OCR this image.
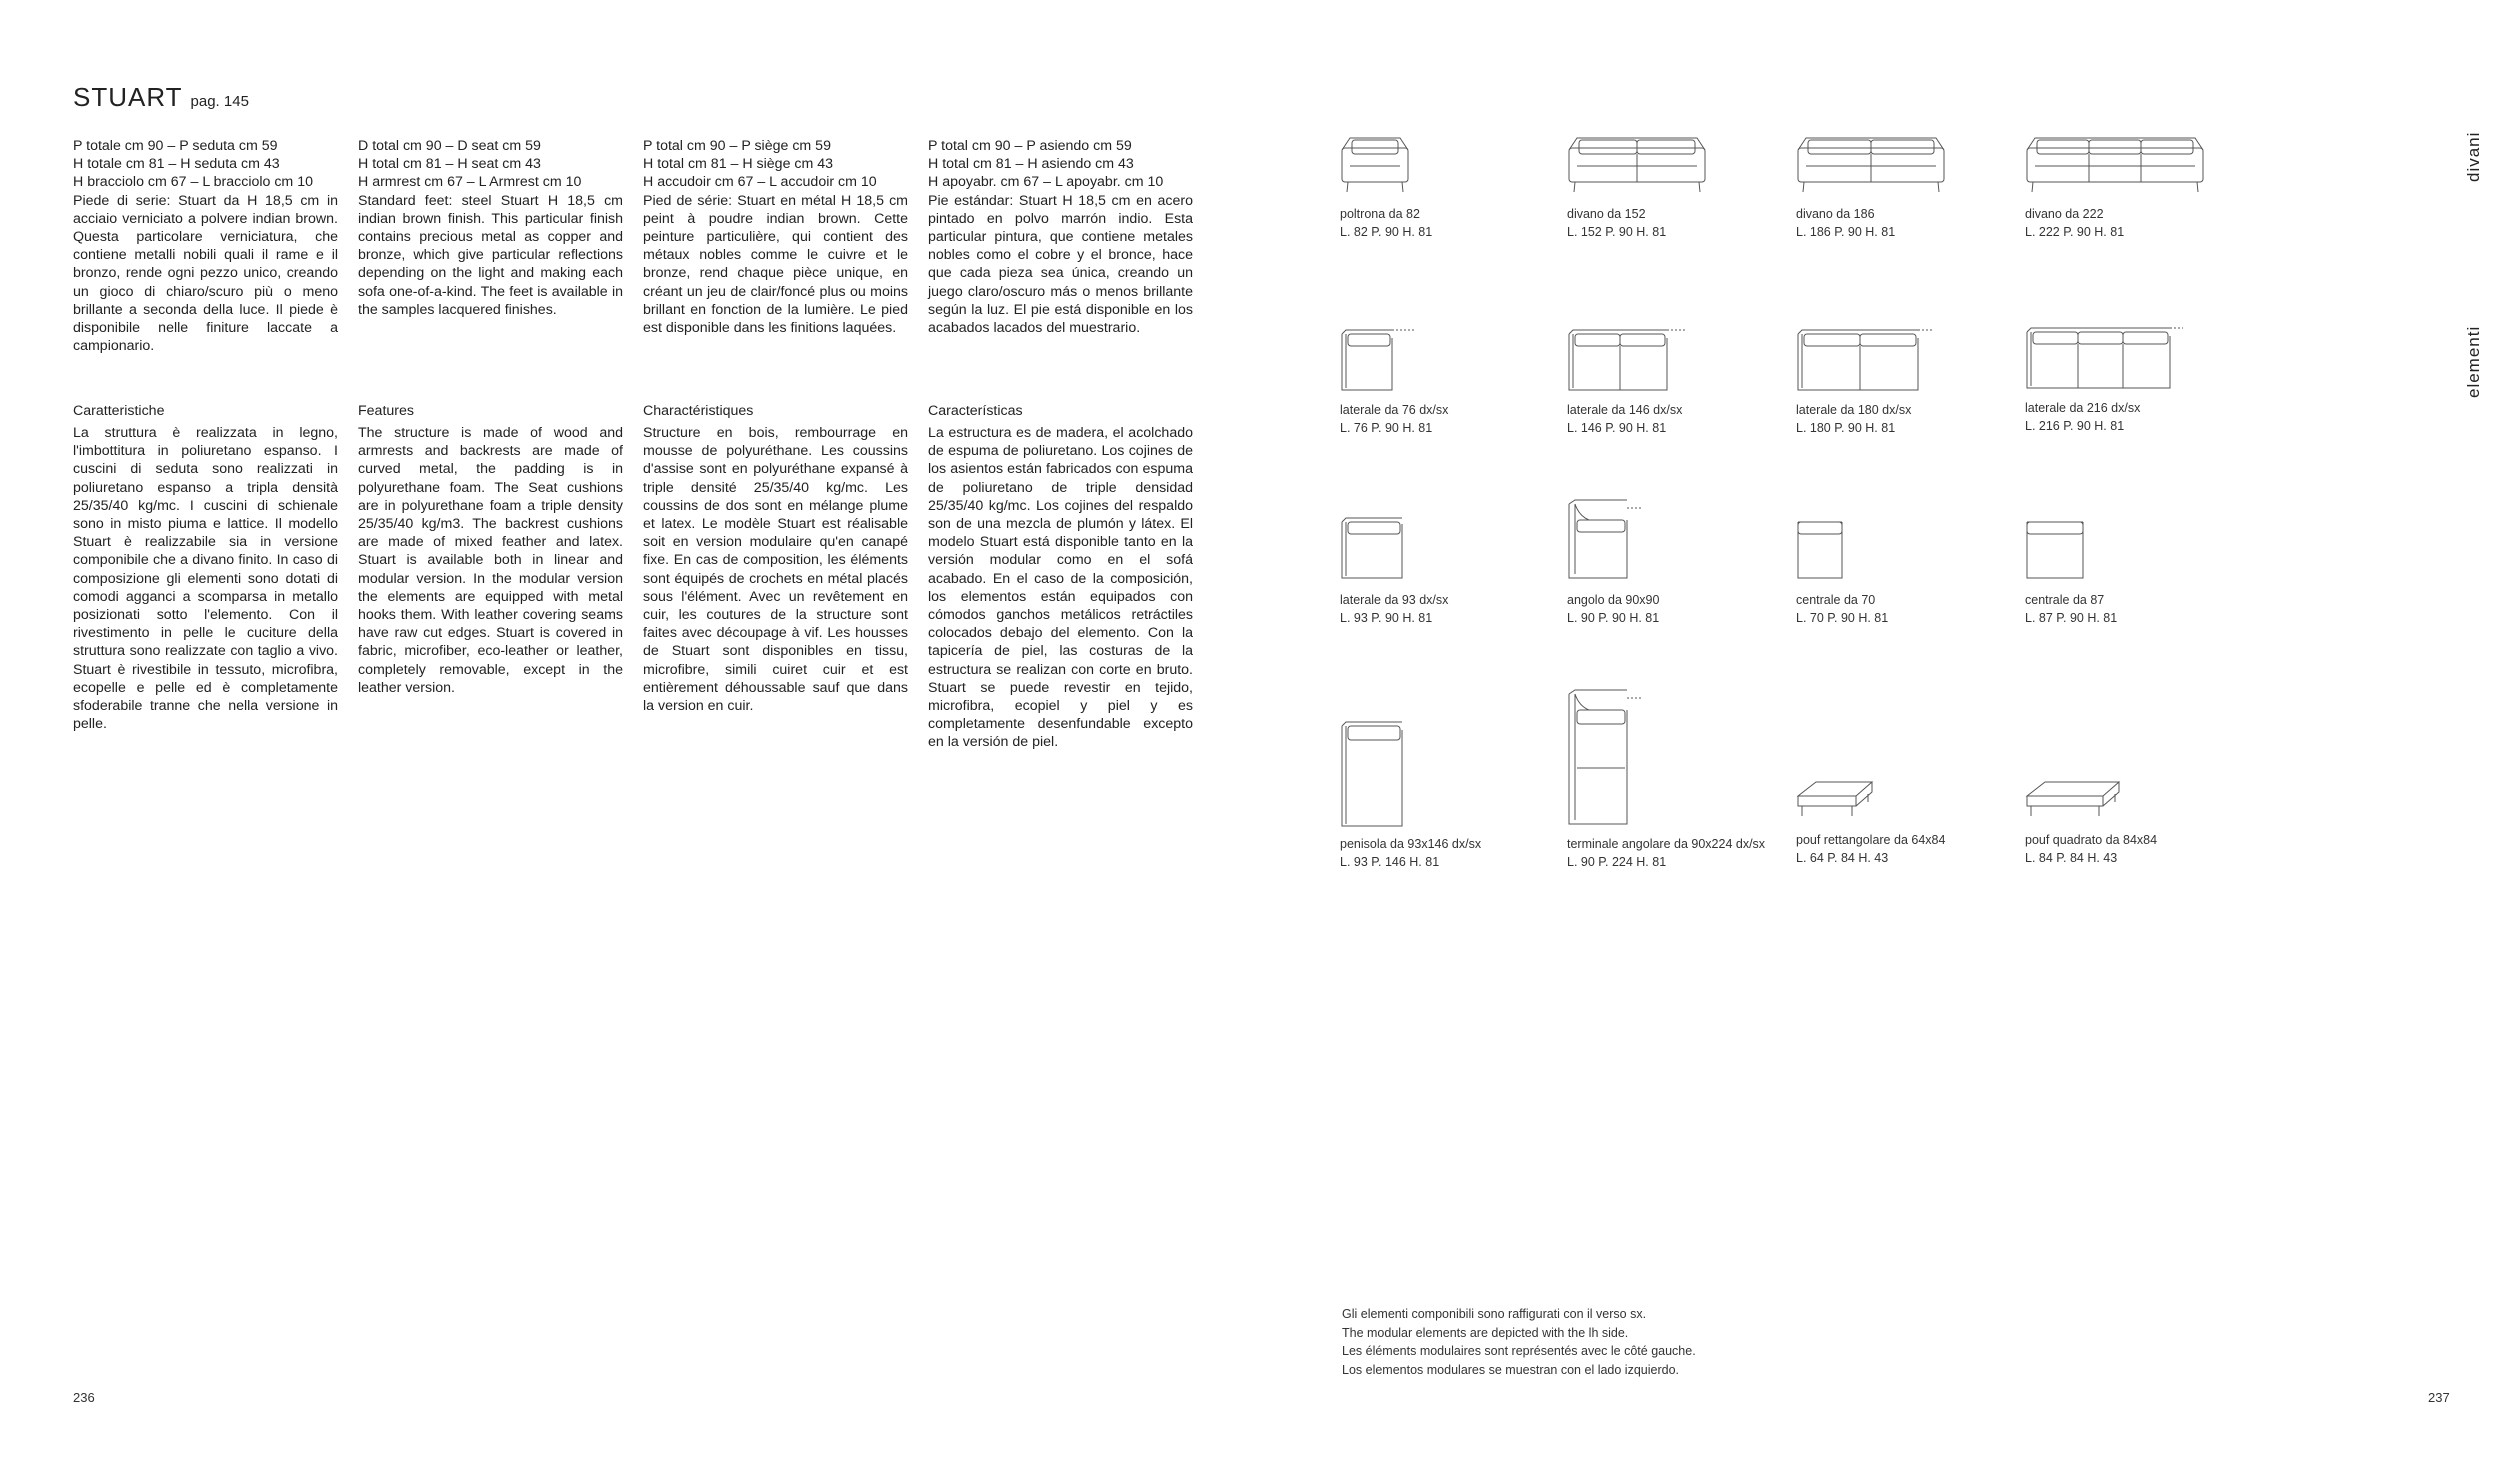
STUART pag. 145
P totale cm 90 – P seduta cm 59
H totale cm 81 – H seduta cm 43
H bracciolo cm 67 – L bracciolo cm 10
Piede di serie: Stuart da H 18,5 cm in acciaio verniciato a polvere indian brown. Questa particolare verniciatura, che contiene metalli nobili quali il rame e il bronzo, rende ogni pezzo unico, creando un gioco di chiaro/scuro più o meno brillante a seconda della luce. Il piede è disponibile nelle finiture laccate a campionario.
Caratteristiche
La struttura è realizzata in legno, l'imbottitura in poliuretano espanso. I cuscini di seduta sono realizzati in poliuretano espanso a tripla densità 25/35/40 kg/mc. I cuscini di schienale sono in misto piuma e lattice. Il modello Stuart è realizzabile sia in versione componibile che a divano finito. In caso di composizione gli elementi sono dotati di comodi agganci a scomparsa in metallo posizionati sotto l'elemento. Con il rivestimento in pelle le cuciture della struttura sono realizzate con taglio a vivo. Stuart è rivestibile in tessuto, microfibra, ecopelle e pelle ed è completamente sfoderabile tranne che nella versione in pelle.
D total cm 90 – D seat cm 59
H total cm 81 – H seat cm 43
H armrest cm 67 – L Armrest cm 10
Standard feet: steel Stuart H 18,5 cm indian brown finish. This particular finish contains precious metal as copper and bronze, which give particular reflections depending on the light and making each sofa one-of-a-kind. The feet is available in the samples lacquered finishes.
Features
The structure is made of wood and armrests and backrests are made of curved metal, the padding is in polyurethane foam. The Seat cushions are in polyurethane foam a triple density 25/35/40 kg/m3. The backrest cushions are made of mixed feather and latex. Stuart is available both in linear and modular version. In the modular version the elements are equipped with metal hooks them. With leather covering seams have raw cut edges. Stuart is covered in fabric, microfiber, eco-leather or leather, completely removable, except in the leather version.
P total cm 90 – P siège cm 59
H total cm 81 – H siège cm 43
H accudoir cm 67 – L accudoir cm 10
Pied de série: Stuart en métal H 18,5 cm peint à poudre indian brown. Cette peinture particulière, qui contient des métaux nobles comme le cuivre et le bronze, rend chaque pièce unique, en créant un jeu de clair/foncé plus ou moins brillant en fonction de la lumière. Le pied est disponible dans les finitions laquées.
Charactéristiques
Structure en bois, rembourrage en mousse de polyuréthane. Les coussins d'assise sont en polyuréthane expansé à triple densité 25/35/40 kg/mc. Les coussins de dos sont en mélange plume et latex. Le modèle Stuart est réalisable soit en version modulaire qu'en canapé fixe. En cas de composition, les éléments sont équipés de crochets en métal placés sous l'élément. Avec un revêtement en cuir, les coutures de la structure sont faites avec découpage à vif. Les housses de Stuart sont disponibles en tissu, microfibre, simili cuiret cuir et est entièrement déhoussable sauf que dans la version en cuir.
P total cm 90 – P asiendo cm 59
H total cm 81 – H asiendo cm 43
H apoyabr. cm 67 – L apoyabr. cm 10
Pie estándar: Stuart H 18,5 cm en acero pintado en polvo marrón indio. Esta particular pintura, que contiene metales nobles como el cobre y el bronce, hace que cada pieza sea única, creando un juego claro/oscuro más o menos brillante según la luz. El pie está disponible en los acabados lacados del muestrario.
Características
La estructura es de madera, el acolchado de espuma de poliuretano. Los cojines de los asientos están fabricados con espuma de poliuretano de triple densidad 25/35/40 kg/mc. Los cojines del respaldo son de una mezcla de plumón y látex. El modelo Stuart está disponible tanto en la versión modular como en el sofá acabado. En el caso de la composición, los elementos están equipados con cómodos ganchos metálicos retráctiles colocados debajo del elemento. Con la tapicería de piel, las costuras de la estructura se realizan con corte en bruto. Stuart se puede revestir en tejido, microfibra, ecopiel y piel y es completamente desenfundable excepto en la versión de piel.
poltrona da 82
L. 82 P. 90 H. 81
divano da 152
L. 152 P. 90 H. 81
divano da 186
L. 186 P. 90 H. 81
divano da 222
L. 222 P. 90 H. 81
laterale da 76 dx/sx
L. 76 P. 90 H. 81
laterale da 146 dx/sx
L. 146 P. 90 H. 81
laterale da 180 dx/sx
L. 180 P. 90 H. 81
laterale da 216 dx/sx
L. 216 P. 90 H. 81
laterale da 93 dx/sx
L. 93 P. 90 H. 81
angolo da 90x90
L. 90 P. 90 H. 81
centrale da 70
L. 70 P. 90 H. 81
centrale da 87
L. 87 P. 90 H. 81
penisola da 93x146 dx/sx
L. 93 P. 146 H. 81
terminale angolare da 90x224 dx/sx
L. 90 P. 224 H. 81
pouf rettangolare da 64x84
L. 64 P. 84 H. 43
pouf quadrato da 84x84
L. 84 P. 84 H. 43
divani
elementi
Gli elementi componibili sono raffigurati con il verso sx.
The modular elements are depicted with the lh side.
Les éléments modulaires sont représentés avec le côté gauche.
Los elementos modulares se muestran con el lado izquierdo.
236	237
